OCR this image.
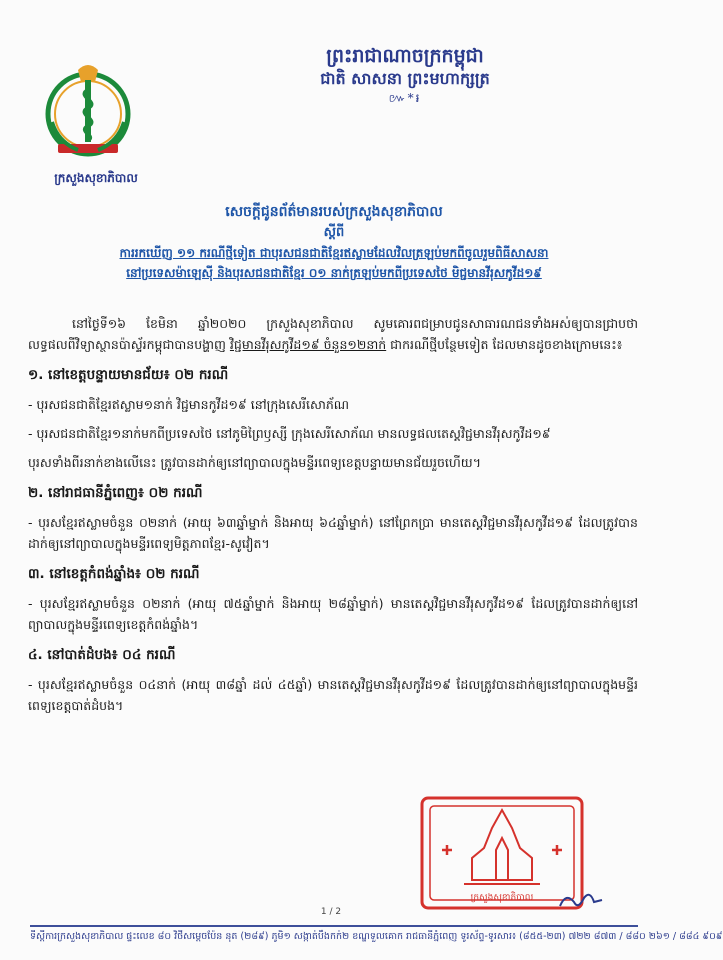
ព្រះរាជាណាចក្រកម្ពុជា
ជាតិ សាសនា ព្រះមហាក្សត្រ
៚*៛
ក្រសួងសុខាភិបាល
សេចក្តីជូនព័ត៌មានរបស់ក្រសួងសុខាភិបាល
ស្តីពី
ការរកឃើញ ១១ ករណីថ្មីទៀត ជាបុរសជនជាតិខ្មែរឥស្លាមដែលវិលត្រឡប់មកពីចូលរួមពិធីសាសនា
នៅប្រទេសម៉ាឡេស៊ី និងបុរសជនជាតិខ្មែរ ០១ នាក់ត្រឡប់មកពីប្រទេសថៃ មិជ្ជមានវីរុសកូវីដ១៩

នៅថ្ងៃទី១៦ ខែមិនា ឆ្នាំ២០២០ ក្រសួងសុខាភិបាល សូមគោរពជម្រាបជូនសាធារណជនទាំងអស់ឲ្យបានជ្រាបថា លទ្ធផលពីវិទ្យាស្ថានប៉ាស្ទ័រកម្ពុជាបានបង្ហាញ វិជ្ជមានវីរុសកូវីដ១៩ ចំនួន១២នាក់ ជាករណីថ្មីបន្ថែមទៀត ដែលមានដូចខាងក្រោមនេះ៖

១. នៅខេត្តបន្ទាយមានជ័យ៖ ០២ ករណី
- បុរសជនជាតិខ្មែរឥស្លាម១នាក់ វិជ្ជមានកូវីដ១៩ នៅក្រុងសេរីសោភ័ណ
- បុរសជនជាតិខ្មែរ១នាក់មកពីប្រទេសថៃ នៅភូមិព្រៃឫស្សី ក្រុងសេរីសោភ័ណ មានលទ្ធផលតេស្តវិជ្ជមានវីរុសកូវីដ១៩
បុរសទាំងពីរនាក់ខាងលើនេះ ត្រូវបានដាក់ឲ្យនៅព្យាបាលក្នុងមន្ទីរពេទ្យខេត្តបន្ទាយមានជ័យរួចហើយ។
២. នៅរាជធានីភ្នំពេញ៖ ០២ ករណី
- បុរសខ្មែរឥស្លាមចំនួន ០២នាក់ (អាយុ ៦៣ឆ្នាំម្នាក់ និងអាយុ ៦៤ឆ្នាំម្នាក់) នៅព្រែកប្រា មានតេស្តវិជ្ជមានវីរុសកូវីដ១៩ ដែលត្រូវបានដាក់ឲ្យនៅព្យាបាលក្នុងមន្ទីរពេទ្យមិត្តភាពខ្មែរ-សូវៀត។
៣. នៅខេត្តកំពង់ឆ្នាំង៖ ០២ ករណី
- បុរសខ្មែរឥស្លាមចំនួន ០២នាក់ (អាយុ ៧៥ឆ្នាំម្នាក់ និងអាយុ ២៨ឆ្នាំម្នាក់) មានតេស្តវិជ្ជមានវីរុសកូវីដ១៩ ដែលត្រូវបានដាក់ឲ្យនៅព្យាបាលក្នុងមន្ទីរពេទ្យខេត្តកំពង់ឆ្នាំង។
៤. នៅបាត់ដំបង៖ ០៤ ករណី
- បុរសខ្មែរឥស្លាមចំនួន ០៤នាក់ (អាយុ ៣៨ឆ្នាំ ដល់ ៤៥ឆ្នាំ) មានតេស្តវិជ្ជមានវីរុសកូវីដ១៩ ដែលត្រូវបានដាក់ឲ្យនៅព្យាបាលក្នុងមន្ទីរពេទ្យខេត្តបាត់ដំបង។
ក្រសួងសុខាភិបាល
1 / 2
ទីស្តីការក្រសួងសុខាភិបាល ផ្ទះលេខ ៨០ វិថីសម្តេចប៉ែន នុត (២៨៩) ភូមិ១ សង្កាត់បឹងកក់២ ខណ្ឌទួលគោក រាជធានីភ្នំពេញ ទូរស័ព្ទ-ទូរសារ៖ (៨៥៥-២៣) ៧២២ ៨៧៣ / ៨៨០ ២៦១ / ៨៨៤ ៩០៩
